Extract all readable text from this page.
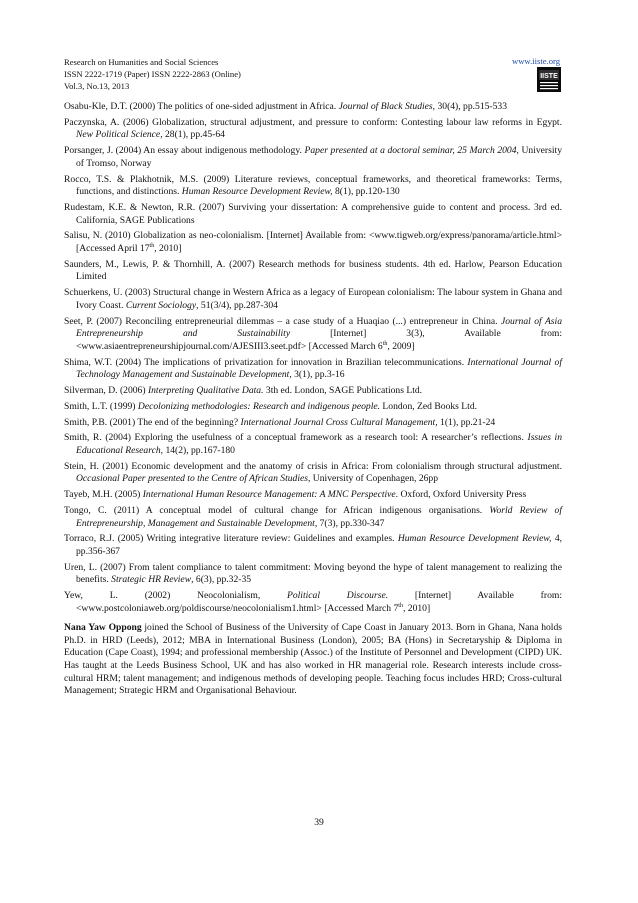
Research on Humanities and Social Sciences
ISSN 2222-1719 (Paper) ISSN 2222-2863 (Online)
Vol.3, No.13, 2013
www.iiste.org
IISTE
Osabu-Kle, D.T. (2000) The politics of one-sided adjustment in Africa. Journal of Black Studies, 30(4), pp.515-533
Paczynska, A. (2006) Globalization, structural adjustment, and pressure to conform: Contesting labour law reforms in Egypt. New Political Science, 28(1), pp.45-64
Porsanger, J. (2004) An essay about indigenous methodology. Paper presented at a doctoral seminar, 25 March 2004, University of Tromso, Norway
Rocco, T.S. & Plakhotnik, M.S. (2009) Literature reviews, conceptual frameworks, and theoretical frameworks: Terms, functions, and distinctions. Human Resource Development Review, 8(1), pp.120-130
Rudestam, K.E. & Newton, R.R. (2007) Surviving your dissertation: A comprehensive guide to content and process. 3rd ed. California, SAGE Publications
Salisu, N. (2010) Globalization as neo-colonialism. [Internet] Available from: <www.tigweb.org/express/panorama/article.html> [Accessed April 17th, 2010]
Saunders, M., Lewis, P. & Thornhill, A. (2007) Research methods for business students. 4th ed. Harlow, Pearson Education Limited
Schuerkens, U. (2003) Structural change in Western Africa as a legacy of European colonialism: The labour system in Ghana and Ivory Coast. Current Sociology, 51(3/4), pp.287-304
Seet, P. (2007) Reconciling entrepreneurial dilemmas – a case study of a Huaqiao (...) entrepreneur in China. Journal of Asia Entrepreneurship and Sustainability [Internet] 3(3), Available from: <www.asiaentrepreneurshipjournal.com/AJESIII3.seet.pdf> [Accessed March 6th, 2009]
Shima, W.T. (2004) The implications of privatization for innovation in Brazilian telecommunications. International Journal of Technology Management and Sustainable Development, 3(1), pp.3-16
Silverman, D. (2006) Interpreting Qualitative Data. 3th ed. London, SAGE Publications Ltd.
Smith, L.T. (1999) Decolonizing methodologies: Research and indigenous people. London, Zed Books Ltd.
Smith, P.B. (2001) The end of the beginning? International Journal Cross Cultural Management, 1(1), pp.21-24
Smith, R. (2004) Exploring the usefulness of a conceptual framework as a research tool: A researcher’s reflections. Issues in Educational Research, 14(2), pp.167-180
Stein, H. (2001) Economic development and the anatomy of crisis in Africa: From colonialism through structural adjustment. Occasional Paper presented to the Centre of African Studies, University of Copenhagen, 26pp
Tayeb, M.H. (2005) International Human Resource Management: A MNC Perspective. Oxford, Oxford University Press
Tongo, C. (2011) A conceptual model of cultural change for African indigenous organisations. World Review of Entrepreneurship, Management and Sustainable Development, 7(3), pp.330-347
Torraco, R.J. (2005) Writing integrative literature review: Guidelines and examples. Human Resource Development Review, 4, pp.356-367
Uren, L. (2007) From talent compliance to talent commitment: Moving beyond the hype of talent management to realizing the benefits. Strategic HR Review, 6(3), pp.32-35
Yew, L. (2002) Neocolonialism, Political Discourse. [Internet] Available from: <www.postcoloniaweb.org/poldiscourse/neocolonialism1.html> [Accessed March 7th, 2010]
Nana Yaw Oppong joined the School of Business of the University of Cape Coast in January 2013. Born in Ghana, Nana holds Ph.D. in HRD (Leeds), 2012; MBA in International Business (London), 2005; BA (Hons) in Secretaryship & Diploma in Education (Cape Coast), 1994; and professional membership (Assoc.) of the Institute of Personnel and Development (CIPD) UK. Has taught at the Leeds Business School, UK and has also worked in HR managerial role. Research interests include cross-cultural HRM; talent management; and indigenous methods of developing people. Teaching focus includes HRD; Cross-cultural Management; Strategic HRM and Organisational Behaviour.
39
